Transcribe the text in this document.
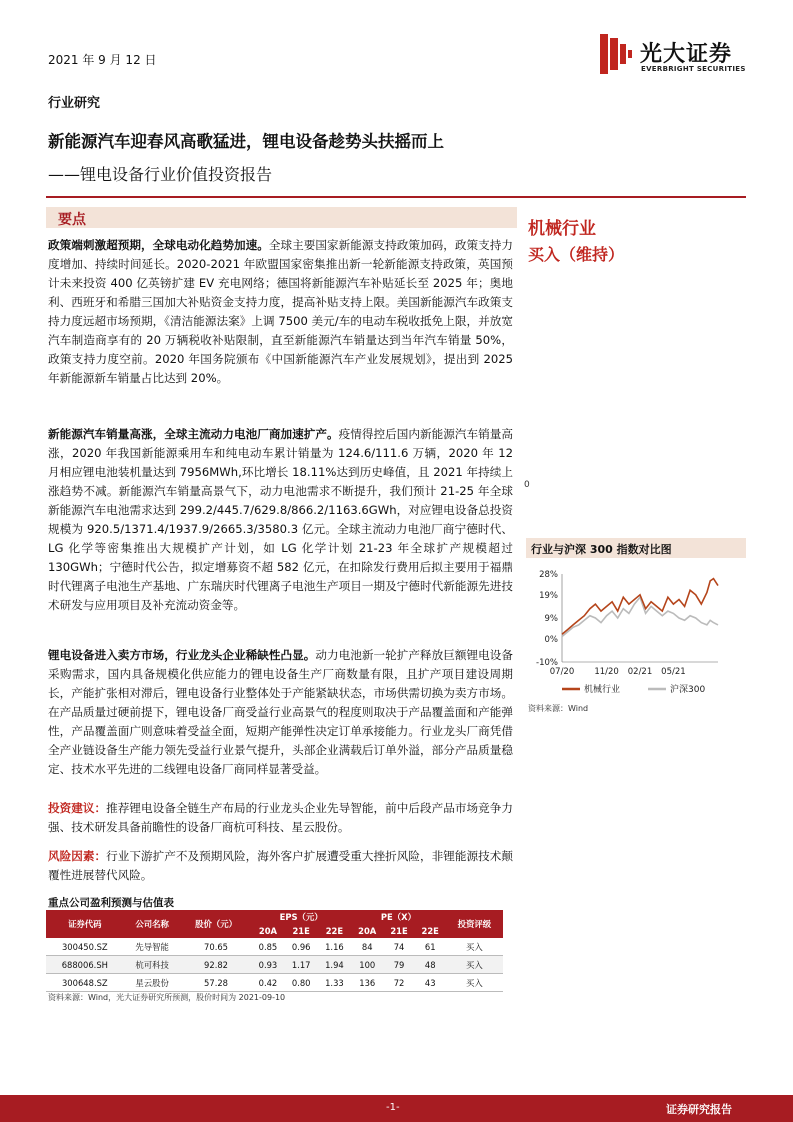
2021 年 9 月 12 日	光大证券
EVERBRIGHT SECURITIES
行业研究
新能源汽车迎春风高歌猛进，锂电设备趁势头扶摇而上
——锂电设备行业价值投资报告
要点

政策端刺激超预期，全球电动化趋势加速。全球主要国家新能源支持政策加码，政策支持力度增加、持续时间延长。2020-2021 年欧盟国家密集推出新一轮新能源支持政策，英国预计未来投资 400 亿英镑扩建 EV 充电网络；德国将新能源汽车补贴延长至 2025 年；奥地利、西班牙和希腊三国加大补贴资金支持力度，提高补贴支持上限。美国新能源汽车政策支持力度远超市场预期，《清洁能源法案》上调 7500 美元/车的电动车税收抵免上限，并放宽汽车制造商享有的 20 万辆税收补贴限制，直至新能源汽车销量达到当年汽车销量 50%，政策支持力度空前。2020 年国务院颁布《中国新能源汽车产业发展规划》，提出到 2025 年新能源新车销量占比达到 20%。

新能源汽车销量高涨，全球主流动力电池厂商加速扩产。疫情得控后国内新能源汽车销量高涨，2020 年我国新能源乘用车和纯电动车累计销量为 124.6/111.6 万辆，2020 年 12 月相应锂电池装机量达到 7956MWh,环比增长 18.11%达到历史峰值，且 2021 年持续上涨趋势不减。新能源汽车销量高景气下，动力电池需求不断提升，我们预计 21-25 年全球新能源汽车电池需求达到 299.2/445.7/629.8/866.2/1163.6GWh，对应锂电设备总投资规模为 920.5/1371.4/1937.9/2665.3/3580.3 亿元。全球主流动力电池厂商宁德时代、LG 化学等密集推出大规模扩产计划，如 LG 化学计划 21-23 年全球扩产规模超过 130GWh；宁德时代公告，拟定增募资不超 582 亿元，在扣除发行费用后拟主要用于福鼎时代锂离子电池生产基地、广东瑞庆时代锂离子电池生产项目一期及宁德时代新能源先进技术研发与应用项目及补充流动资金等。

锂电设备进入卖方市场，行业龙头企业稀缺性凸显。动力电池新一轮扩产释放巨额锂电设备采购需求，国内具备规模化供应能力的锂电设备生产厂商数量有限，且扩产项目建设周期长，产能扩张相对滞后，锂电设备行业整体处于产能紧缺状态，市场供需切换为卖方市场。在产品质量过硬前提下，锂电设备厂商受益行业高景气的程度则取决于产品覆盖面和产能弹性，产品覆盖面广则意味着受益全面，短期产能弹性决定订单承接能力。行业龙头厂商凭借全产业链设备生产能力领先受益行业景气提升，头部企业满载后订单外溢，部分产品质量稳定、技术水平先进的二线锂电设备厂商同样显著受益。

投资建议：推荐锂电设备全链生产布局的行业龙头企业先导智能，前中后段产品市场竞争力强、技术研发具备前瞻性的设备厂商杭可科技、星云股份。

风险因素：行业下游扩产不及预期风险，海外客户扩展遭受重大挫折风险，非锂能源技术颠覆性进展替代风险。

机械行业
买入（维持）
0
行业与沪深 300 指数对比图
28%
19%
9%
0%
-10%
07/20 11/20 02/21 05/21
机械行业	沪深300
资料来源：Wind
重点公司盈利预测与估值表
证券代码	公司名称	股价（元）	EPS（元）			PE（X）			投资评级
			20A	21E	22E	20A	21E	22E	
300450.SZ	先导智能	70.65	0.85	0.96	1.16	84	74	61	买入
688006.SH	杭可科技	92.82	0.93	1.17	1.94	100	79	48	买入
300648.SZ	星云股份	57.28	0.42	0.80	1.33	136	72	43	买入
资料来源：Wind，光大证券研究所预测，股价时间为 2021-09-10
-1-	证券研究报告
